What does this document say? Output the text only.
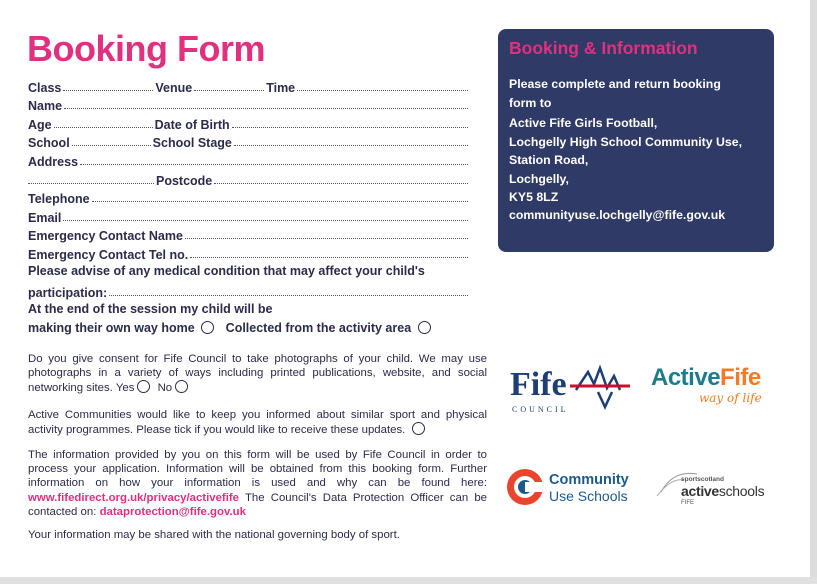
Booking Form
Class	Venue	Time
Name
Age	Date of Birth
School	School Stage
Address
Postcode
Telephone
Email
Emergency Contact Name
Emergency Contact Tel no.
Please advise of any medical condition that may affect your child's
participation:
At the end of the session my child will be
making their own way home Collected from the activity area
Do you give consent for Fife Council to take photographs of your child. We may use photographs in a variety of ways including printed publications, website, and social networking sites. Yes No
Active Communities would like to keep you informed about similar sport and physical activity programmes. Please tick if you would like to receive these updates.
The information provided by you on this form will be used by Fife Council in order to process your application. Information will be obtained from this booking form. Further information on how your information is used and why can be found here: www.fifedirect.org.uk/privacy/activefife The Council's Data Protection Officer can be contacted on: dataprotection@fife.gov.uk
Your information may be shared with the national governing body of sport.
Booking & Information
Please complete and return booking
form to
Active Fife Girls Football,
Lochgelly High School Community Use,
Station Road,
Lochgelly,
KY5 8LZ
communityuse.lochgelly@fife.gov.uk
Fife
COUNCIL
ActiveFife
way of life
Community
Use Schools
sportscotland
activeschools
FIFE
